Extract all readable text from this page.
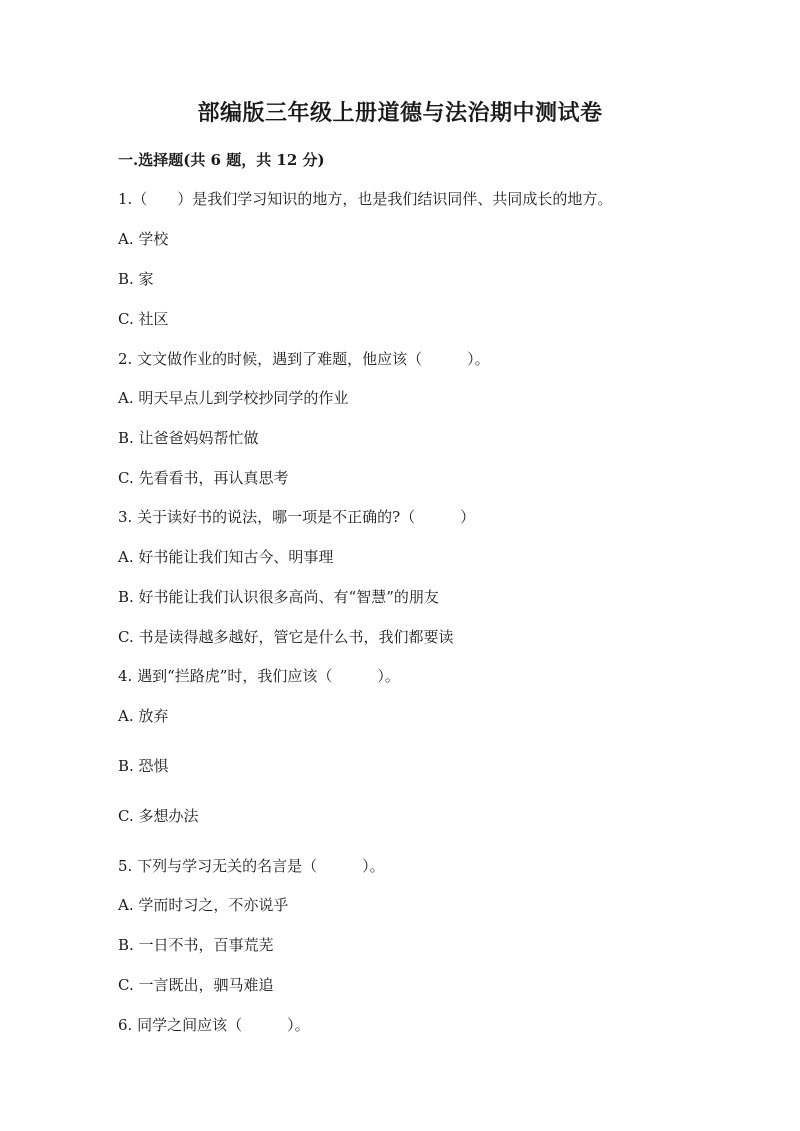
部编版三年级上册道德与法治期中测试卷
一.选择题(共 6 题，共 12 分)
1.（　　）是我们学习知识的地方，也是我们结识同伴、共同成长的地方。
A. 学校
B. 家
C. 社区
2. 文文做作业的时候，遇到了难题，他应该（　　　）。
A. 明天早点儿到学校抄同学的作业
B. 让爸爸妈妈帮忙做
C. 先看看书，再认真思考
3. 关于读好书的说法，哪一项是不正确的?（　　　）
A. 好书能让我们知古今、明事理
B. 好书能让我们认识很多高尚、有“智慧”的朋友
C. 书是读得越多越好，管它是什么书，我们都要读
4. 遇到“拦路虎”时，我们应该（　　　）。
A. 放弃
B. 恐惧
C. 多想办法
5. 下列与学习无关的名言是（　　　）。
A. 学而时习之，不亦说乎
B. 一日不书，百事荒芜
C. 一言既出，驷马难追
6. 同学之间应该（　　　）。
